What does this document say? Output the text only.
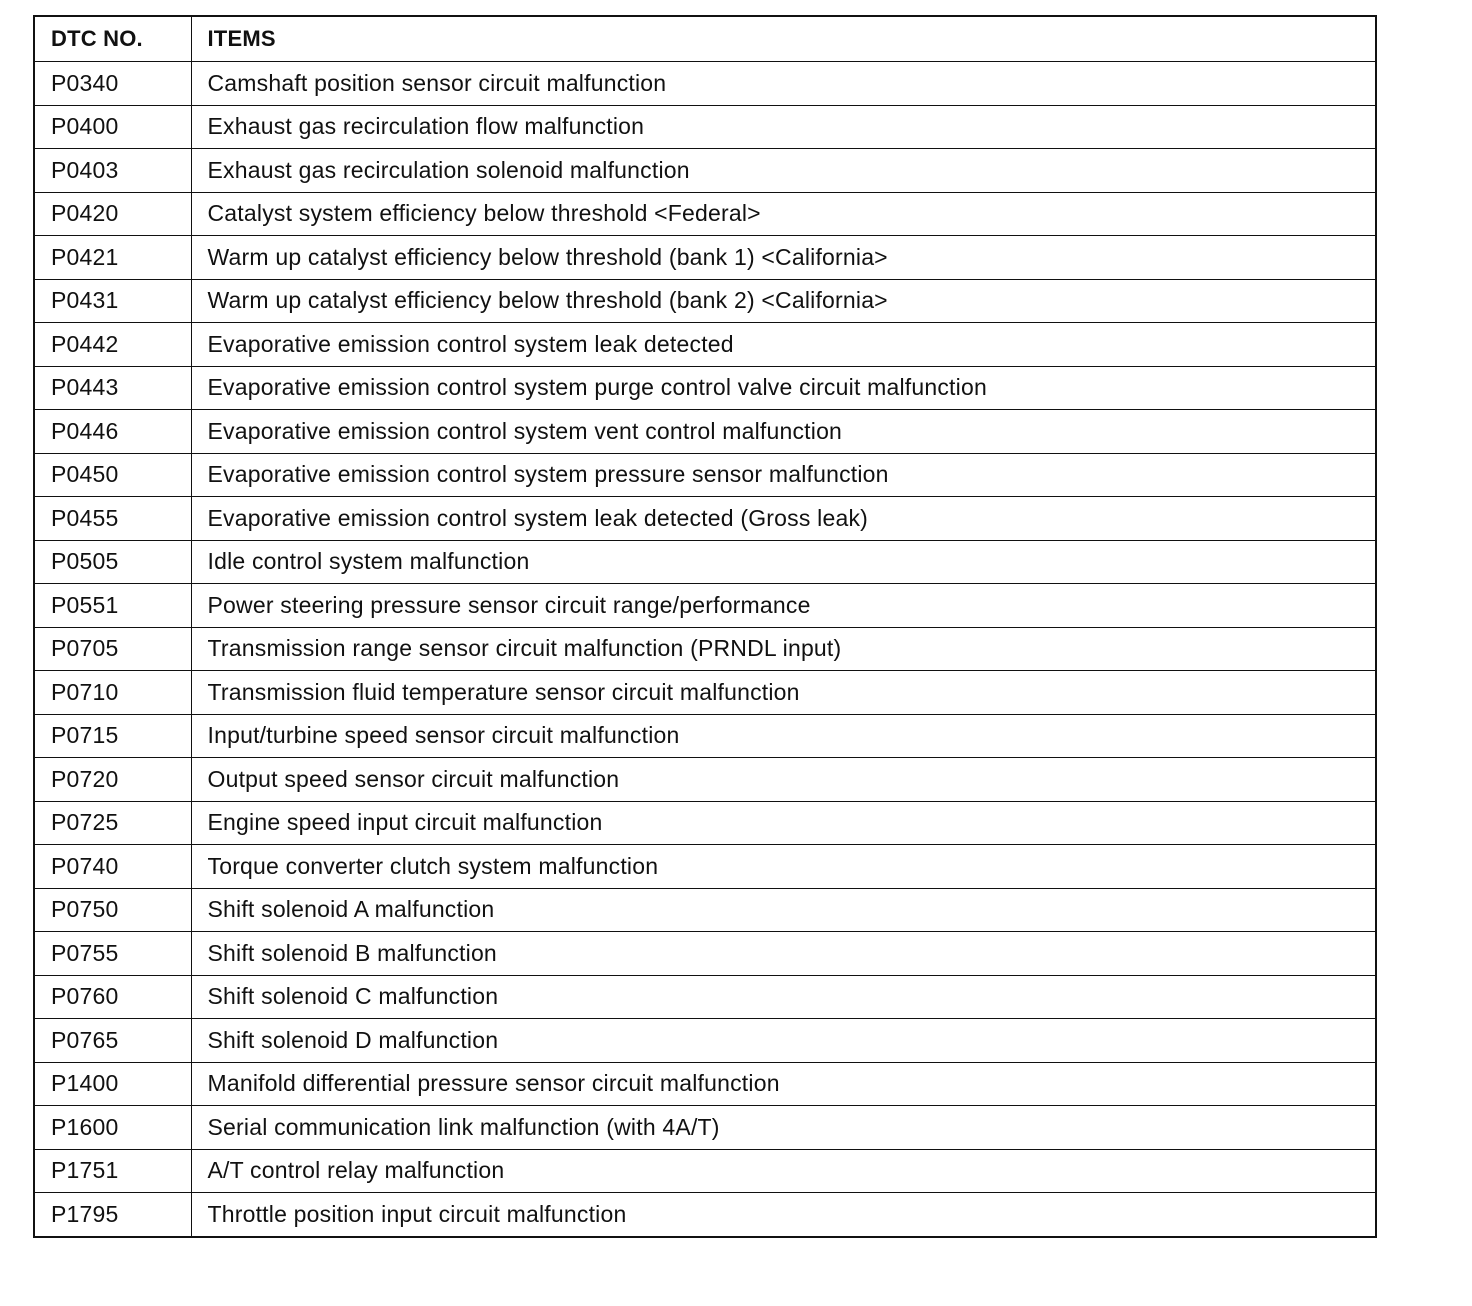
DTC NO.	ITEMS
P0340	Camshaft position sensor circuit malfunction
P0400	Exhaust gas recirculation flow malfunction
P0403	Exhaust gas recirculation solenoid malfunction
P0420	Catalyst system efficiency below threshold <Federal>
P0421	Warm up catalyst efficiency below threshold (bank 1) <California>
P0431	Warm up catalyst efficiency below threshold (bank 2) <California>
P0442	Evaporative emission control system leak detected
P0443	Evaporative emission control system purge control valve circuit malfunction
P0446	Evaporative emission control system vent control malfunction
P0450	Evaporative emission control system pressure sensor malfunction
P0455	Evaporative emission control system leak detected (Gross leak)
P0505	Idle control system malfunction
P0551	Power steering pressure sensor circuit range/performance
P0705	Transmission range sensor circuit malfunction (PRNDL input)
P0710	Transmission fluid temperature sensor circuit malfunction
P0715	Input/turbine speed sensor circuit malfunction
P0720	Output speed sensor circuit malfunction
P0725	Engine speed input circuit malfunction
P0740	Torque converter clutch system malfunction
P0750	Shift solenoid A malfunction
P0755	Shift solenoid B malfunction
P0760	Shift solenoid C malfunction
P0765	Shift solenoid D malfunction
P1400	Manifold differential pressure sensor circuit malfunction
P1600	Serial communication link malfunction (with 4A/T)
P1751	A/T control relay malfunction
P1795	Throttle position input circuit malfunction
